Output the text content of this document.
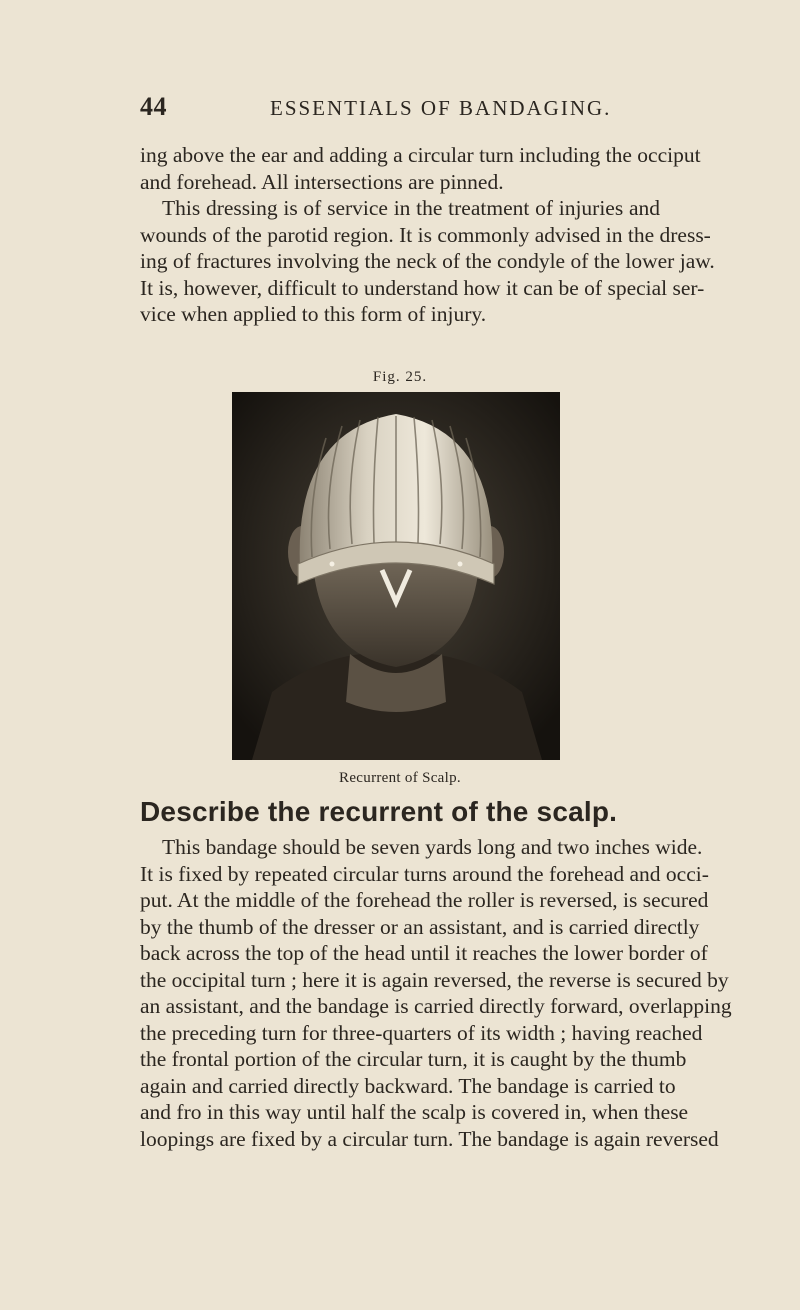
44	ESSENTIALS OF BANDAGING.
ing above the ear and adding a circular turn including the occiput
and forehead. All intersections are pinned.
This dressing is of service in the treatment of injuries and
wounds of the parotid region. It is commonly advised in the dress-
ing of fractures involving the neck of the condyle of the lower jaw.
It is, however, difficult to understand how it can be of special ser-
vice when applied to this form of injury.
Fig. 25.
Recurrent of Scalp.
Describe the recurrent of the scalp.
This bandage should be seven yards long and two inches wide.
It is fixed by repeated circular turns around the forehead and occi-
put. At the middle of the forehead the roller is reversed, is secured
by the thumb of the dresser or an assistant, and is carried directly
back across the top of the head until it reaches the lower border of
the occipital turn ; here it is again reversed, the reverse is secured by
an assistant, and the bandage is carried directly forward, overlapping
the preceding turn for three-quarters of its width ; having reached
the frontal portion of the circular turn, it is caught by the thumb
again and carried directly backward. The bandage is carried to
and fro in this way until half the scalp is covered in, when these
loopings are fixed by a circular turn. The bandage is again reversed
